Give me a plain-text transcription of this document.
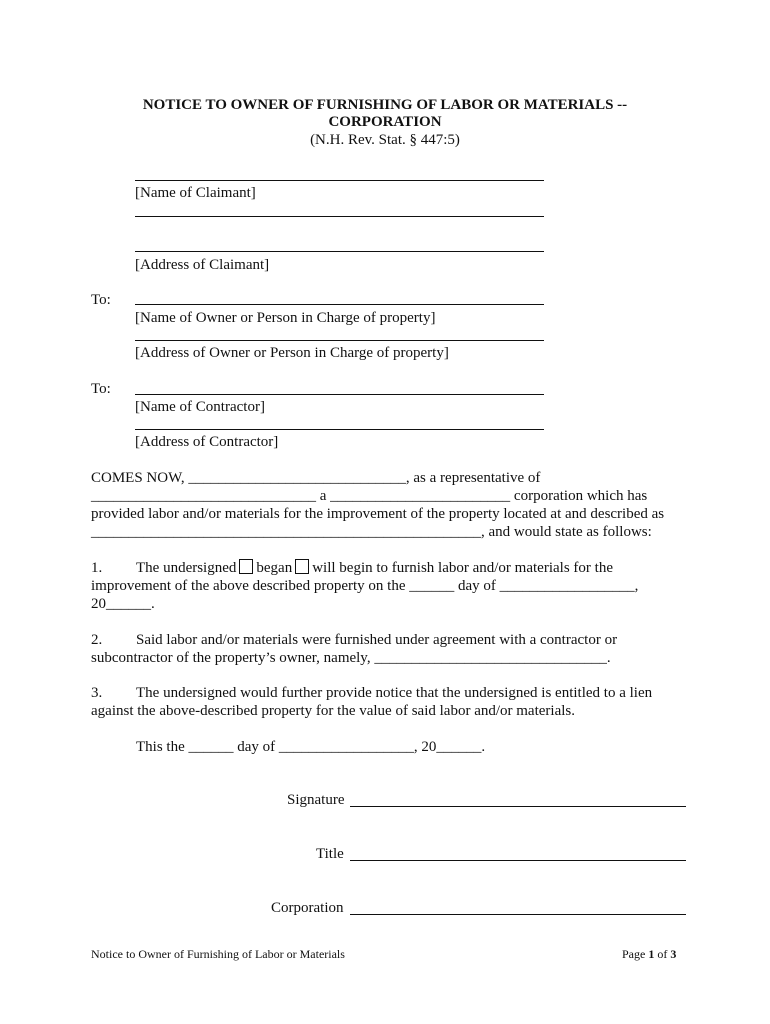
NOTICE TO OWNER OF FURNISHING OF LABOR OR MATERIALS --
CORPORATION
(N.H. Rev. Stat. § 447:5)
[Name of Claimant]
[Address of Claimant]
To:
[Name of Owner or Person in Charge of property]
[Address of Owner or Person in Charge of property]
To:
[Name of Contractor]
[Address of Contractor]
COMES NOW, _____________________________, as a representative of
______________________________ a ________________________ corporation which has
provided labor and/or materials for the improvement of the property located at and described as
____________________________________________________, and would state as follows:
1. The undersigned began will begin to furnish labor and/or materials for the
improvement of the above described property on the ______ day of __________________,
20______.
2. Said labor and/or materials were furnished under agreement with a contractor or
subcontractor of the property’s owner, namely, _______________________________.
3. The undersigned would further provide notice that the undersigned is entitled to a lien
against the above-described property for the value of said labor and/or materials.
This the ______ day of __________________, 20______.
Signature
Title
Corporation
Notice to Owner of Furnishing of Labor or Materials	Page 1 of 3
